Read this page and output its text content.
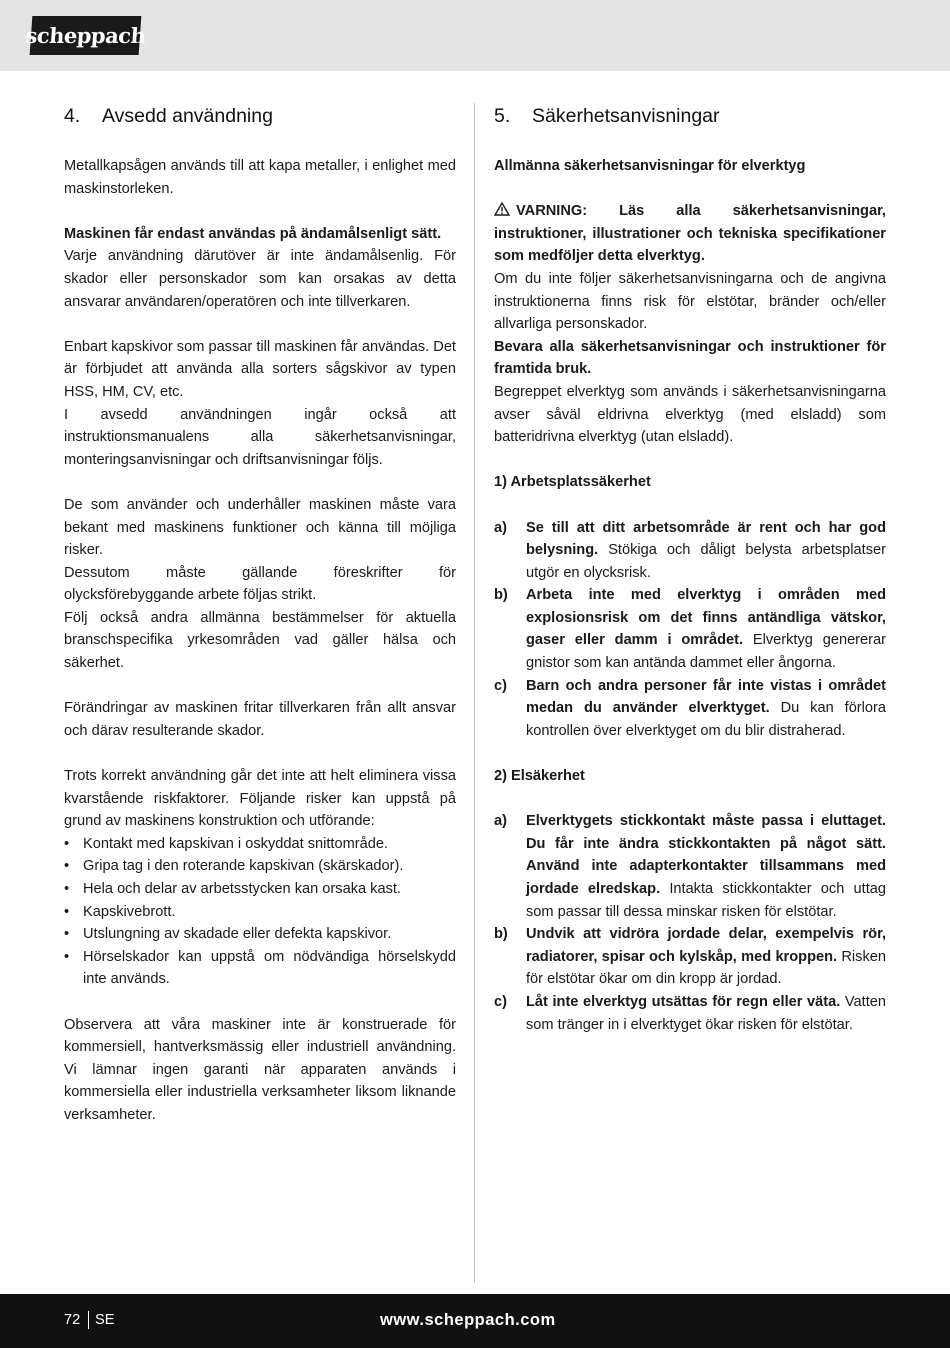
scheppach
4.	Avsedd användning

Metallkapsågen används till att kapa metaller, i enlighet med maskinstorleken.

Maskinen får endast användas på ändamålsenligt sätt.

Varje användning därutöver är inte ändamålsenlig. För skador eller personskador som kan orsakas av detta ansvarar användaren/operatören och inte tillverkaren.

Enbart kapskivor som passar till maskinen får användas. Det är förbjudet att använda alla sorters sågskivor av typen HSS, HM, CV, etc.

I avsedd användningen ingår också att instruktionsmanualens alla säkerhetsanvisningar, monteringsanvisningar och driftsanvisningar följs.

De som använder och underhåller maskinen måste vara bekant med maskinens funktioner och känna till möjliga risker.

Dessutom måste gällande föreskrifter för olycksförebyggande arbete följas strikt.

Följ också andra allmänna bestämmelser för aktuella branschspecifika yrkesområden vad gäller hälsa och säkerhet.

Förändringar av maskinen fritar tillverkaren från allt ansvar och därav resulterande skador.

Trots korrekt användning går det inte att helt eliminera vissa kvarstående riskfaktorer. Följande risker kan uppstå på grund av maskinens konstruktion och utförande:

• Kontakt med kapskivan i oskyddat snittområde.
• Gripa tag i den roterande kapskivan (skärskador).
• Hela och delar av arbetsstycken kan orsaka kast.
• Kapskivebrott.
• Utslungning av skadade eller defekta kapskivor.
• Hörselskador kan uppstå om nödvändiga hörselskydd inte används.

Observera att våra maskiner inte är konstruerade för kommersiell, hantverksmässig eller industriell användning. Vi lämnar ingen garanti när apparaten används i kommersiella eller industriella verksamheter liksom liknande verksamheter.

5.	Säkerhetsanvisningar

Allmänna säkerhetsanvisningar för elverktyg

VARNING: Läs alla säkerhetsanvisningar, instruktioner, illustrationer och tekniska specifikationer som medföljer detta elverktyg.

Om du inte följer säkerhetsanvisningarna och de angivna instruktionerna finns risk för elstötar, bränder och/eller allvarliga personskador.

Bevara alla säkerhetsanvisningar och instruktioner för framtida bruk.

Begreppet elverktyg som används i säkerhetsanvisningarna avser såväl eldrivna elverktyg (med elsladd) som batteridrivna elverktyg (utan elsladd).

1) Arbetsplatssäkerhet

a)	Se till att ditt arbetsområde är rent och har god belysning. Stökiga och dåligt belysta arbetsplatser utgör en olycksrisk.
b)	Arbeta inte med elverktyg i områden med explosionsrisk om det finns antändliga vätskor, gaser eller damm i området. Elverktyg genererar gnistor som kan antända dammet eller ångorna.
c)	Barn och andra personer får inte vistas i området medan du använder elverktyget. Du kan förlora kontrollen över elverktyget om du blir distraherad.

2) Elsäkerhet

a)	Elverktygets stickkontakt måste passa i eluttaget. Du får inte ändra stickkontakten på något sätt. Använd inte adapterkontakter tillsammans med jordade elredskap. Intakta stickkontakter och uttag som passar till dessa minskar risken för elstötar.
b)	Undvik att vidröra jordade delar, exempelvis rör, radiatorer, spisar och kylskåp, med kroppen. Risken för elstötar ökar om din kropp är jordad.
c)	Låt inte elverktyg utsättas för regn eller väta. Vatten som tränger in i elverktyget ökar risken för elstötar.
72 SE	www.scheppach.com
